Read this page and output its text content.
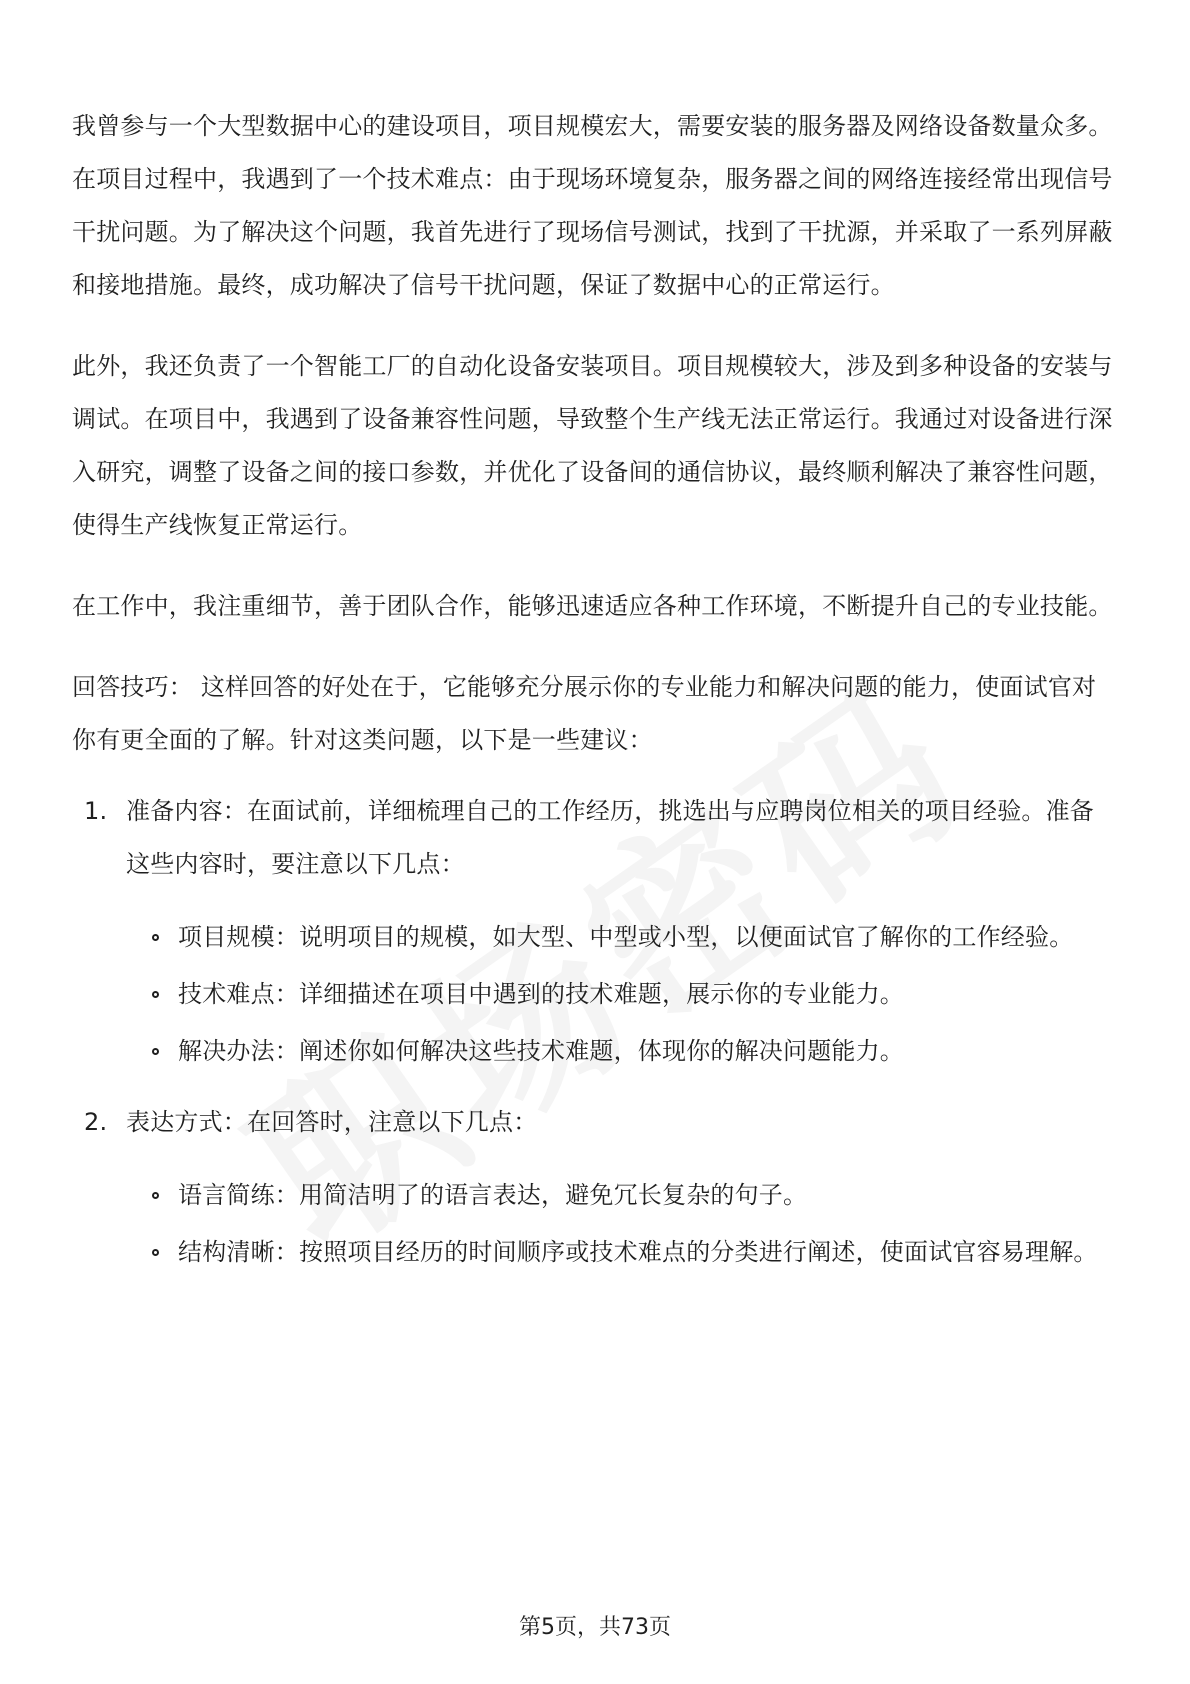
我曾参与一个大型数据中心的建设项目，项目规模宏大，需要安装的服务器及网络设备数量众多。在项目过程中，我遇到了一个技术难点：由于现场环境复杂，服务器之间的网络连接经常出现信号干扰问题。为了解决这个问题，我首先进行了现场信号测试，找到了干扰源，并采取了一系列屏蔽和接地措施。最终，成功解决了信号干扰问题，保证了数据中心的正常运行。

此外，我还负责了一个智能工厂的自动化设备安装项目。项目规模较大，涉及到多种设备的安装与调试。在项目中，我遇到了设备兼容性问题，导致整个生产线无法正常运行。我通过对设备进行深入研究，调整了设备之间的接口参数，并优化了设备间的通信协议，最终顺利解决了兼容性问题，使得生产线恢复正常运行。

在工作中，我注重细节，善于团队合作，能够迅速适应各种工作环境，不断提升自己的专业技能。

回答技巧： 这样回答的好处在于，它能够充分展示你的专业能力和解决问题的能力，使面试官对你有更全面的了解。针对这类问题，以下是一些建议：

1. 准备内容：在面试前，详细梳理自己的工作经历，挑选出与应聘岗位相关的项目经验。准备这些内容时，要注意以下几点：
项目规模：说明项目的规模，如大型、中型或小型，以便面试官了解你的工作经验。
技术难点：详细描述在项目中遇到的技术难题，展示你的专业能力。
解决办法：阐述你如何解决这些技术难题，体现你的解决问题能力。
2. 表达方式：在回答时，注意以下几点：
语言简练：用简洁明了的语言表达，避免冗长复杂的句子。
结构清晰：按照项目经历的时间顺序或技术难点的分类进行阐述，使面试官容易理解。
第5页，共73页
